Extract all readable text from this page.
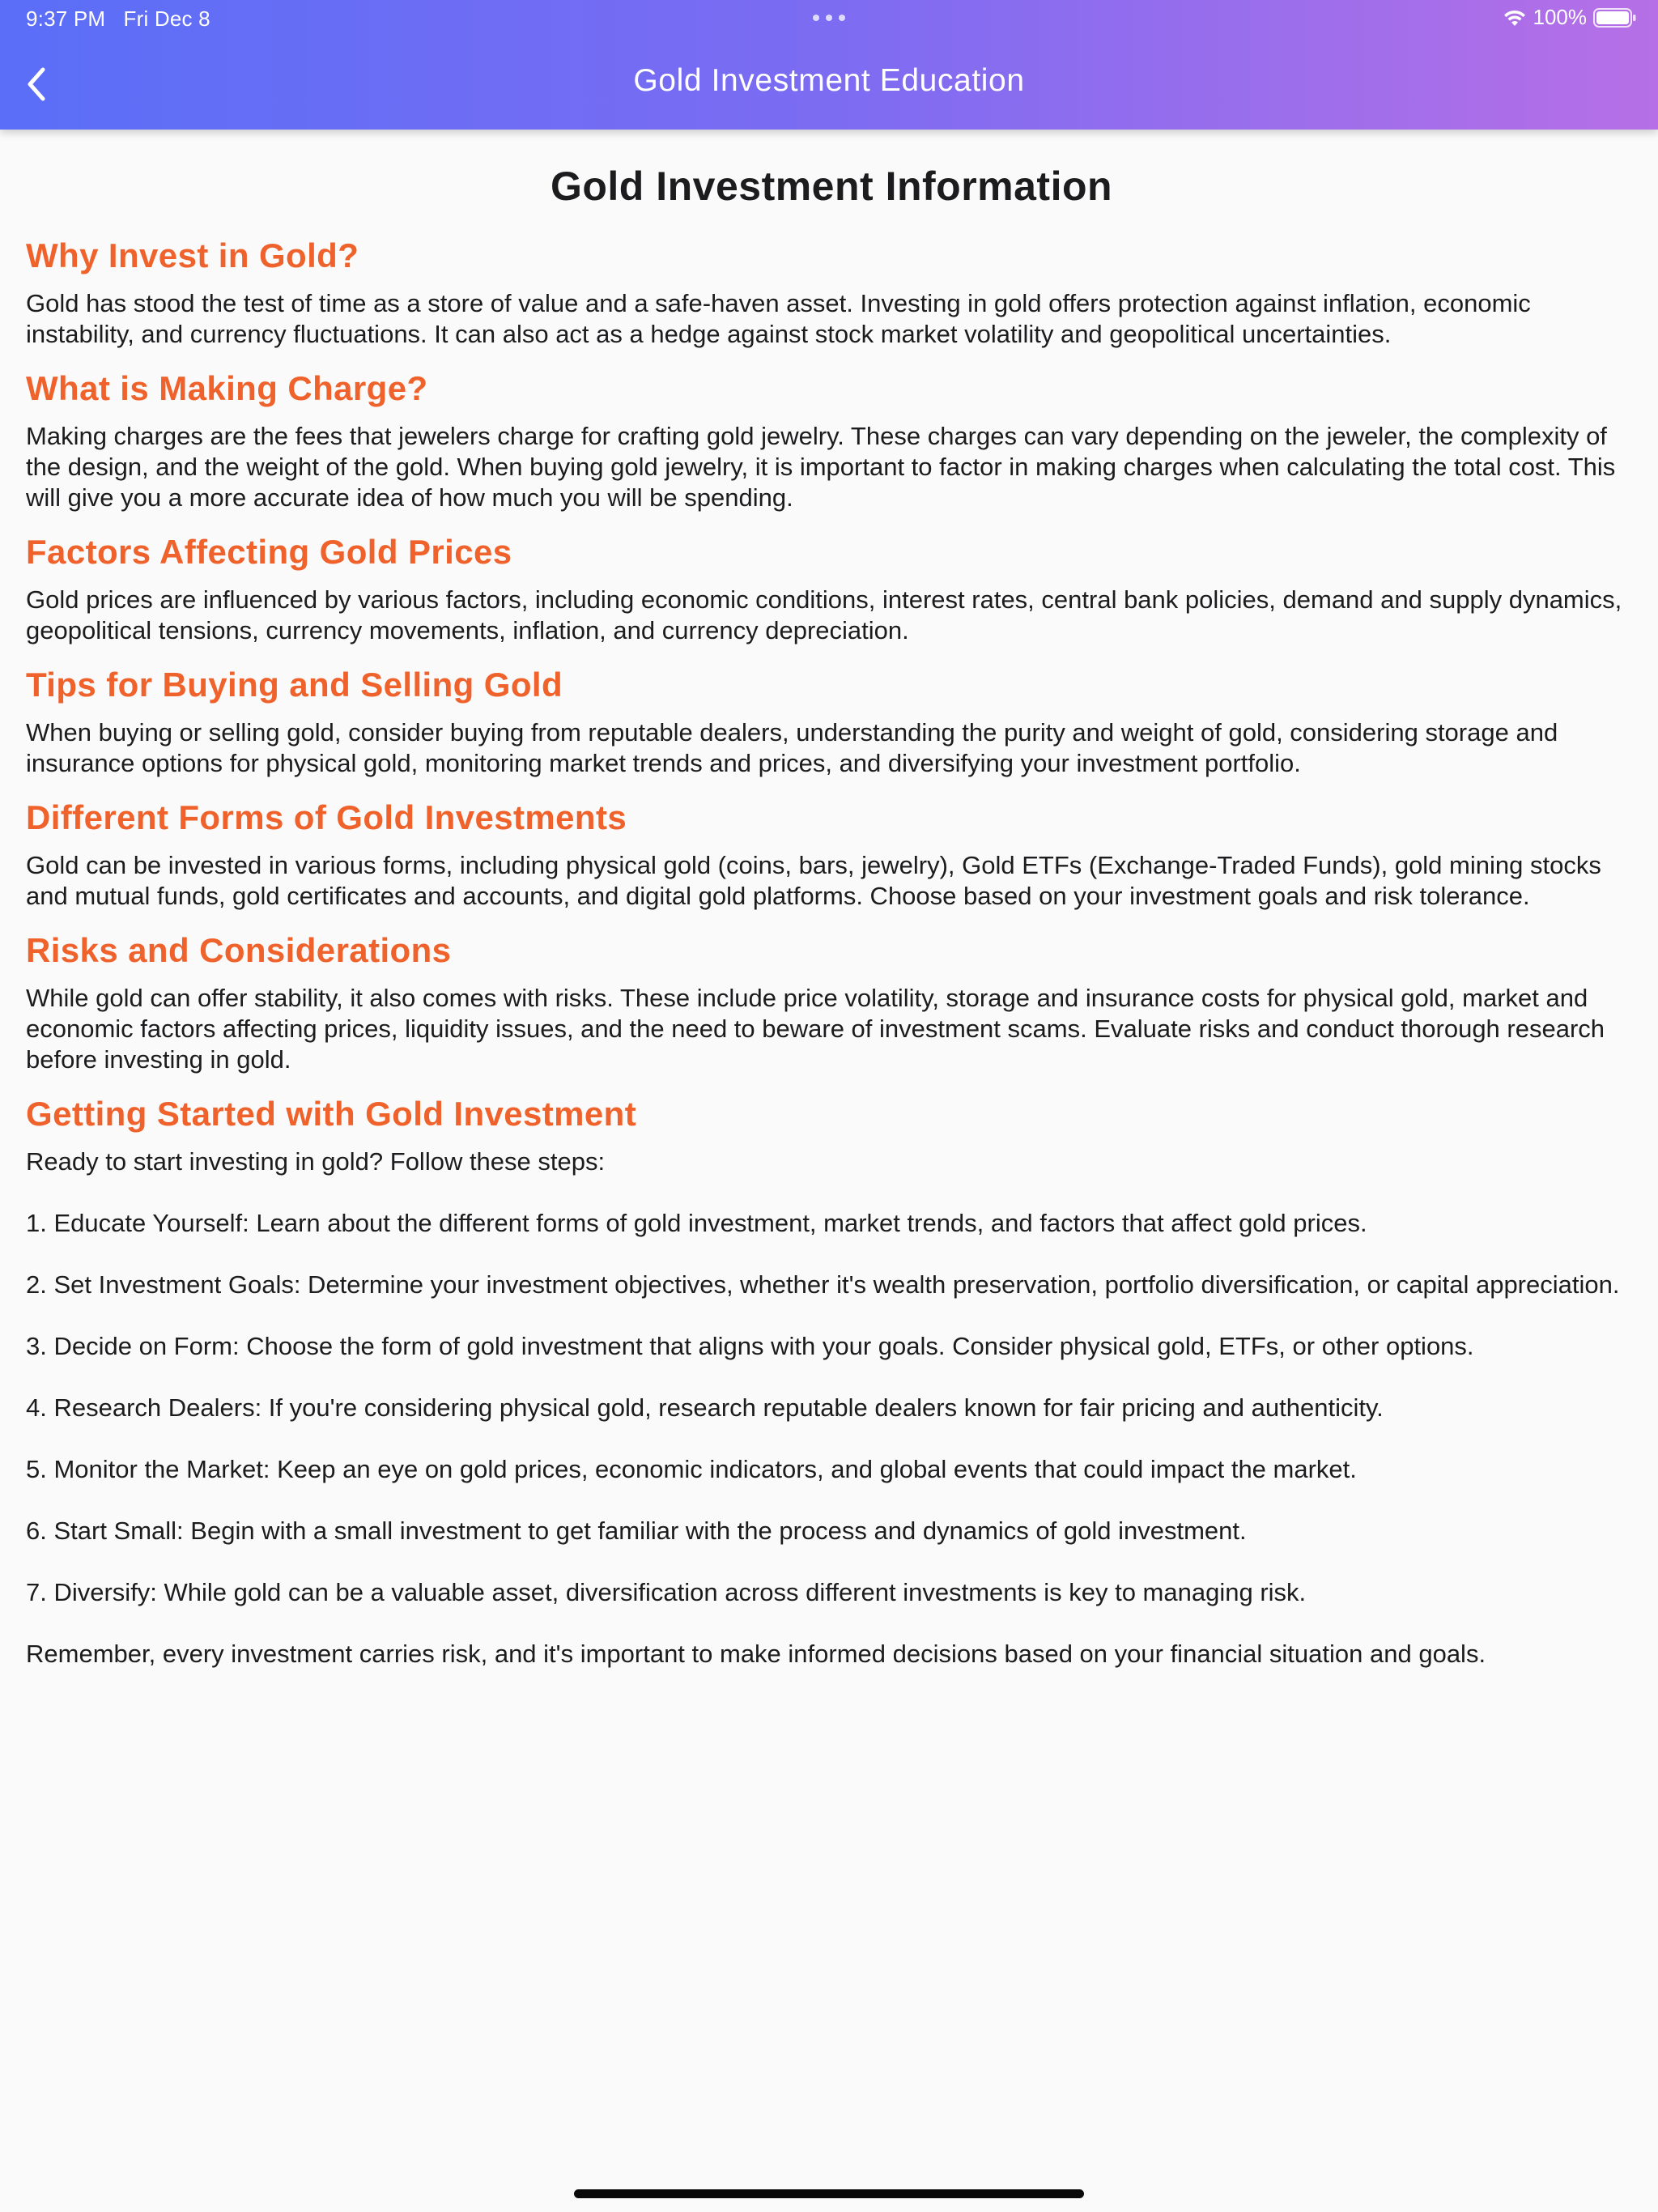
9:37 PM Fri Dec 8	100%
Gold Investment Education
Gold Investment Information
Why Invest in Gold?

Gold has stood the test of time as a store of value and a safe-haven asset. Investing in gold offers protection against inflation, economic instability, and currency fluctuations. It can also act as a hedge against stock market volatility and geopolitical uncertainties.

What is Making Charge?

Making charges are the fees that jewelers charge for crafting gold jewelry. These charges can vary depending on the jeweler, the complexity of the design, and the weight of the gold. When buying gold jewelry, it is important to factor in making charges when calculating the total cost. This will give you a more accurate idea of how much you will be spending.

Factors Affecting Gold Prices

Gold prices are influenced by various factors, including economic conditions, interest rates, central bank policies, demand and supply dynamics, geopolitical tensions, currency movements, inflation, and currency depreciation.

Tips for Buying and Selling Gold

When buying or selling gold, consider buying from reputable dealers, understanding the purity and weight of gold, considering storage and insurance options for physical gold, monitoring market trends and prices, and diversifying your investment portfolio.

Different Forms of Gold Investments

Gold can be invested in various forms, including physical gold (coins, bars, jewelry), Gold ETFs (Exchange-Traded Funds), gold mining stocks and mutual funds, gold certificates and accounts, and digital gold platforms. Choose based on your investment goals and risk tolerance.

Risks and Considerations

While gold can offer stability, it also comes with risks. These include price volatility, storage and insurance costs for physical gold, market and economic factors affecting prices, liquidity issues, and the need to beware of investment scams. Evaluate risks and conduct thorough research before investing in gold.

Getting Started with Gold Investment

Ready to start investing in gold? Follow these steps:

1. Educate Yourself: Learn about the different forms of gold investment, market trends, and factors that affect gold prices.

2. Set Investment Goals: Determine your investment objectives, whether it's wealth preservation, portfolio diversification, or capital appreciation.

3. Decide on Form: Choose the form of gold investment that aligns with your goals. Consider physical gold, ETFs, or other options.

4. Research Dealers: If you're considering physical gold, research reputable dealers known for fair pricing and authenticity.

5. Monitor the Market: Keep an eye on gold prices, economic indicators, and global events that could impact the market.

6. Start Small: Begin with a small investment to get familiar with the process and dynamics of gold investment.

7. Diversify: While gold can be a valuable asset, diversification across different investments is key to managing risk.

Remember, every investment carries risk, and it's important to make informed decisions based on your financial situation and goals.
